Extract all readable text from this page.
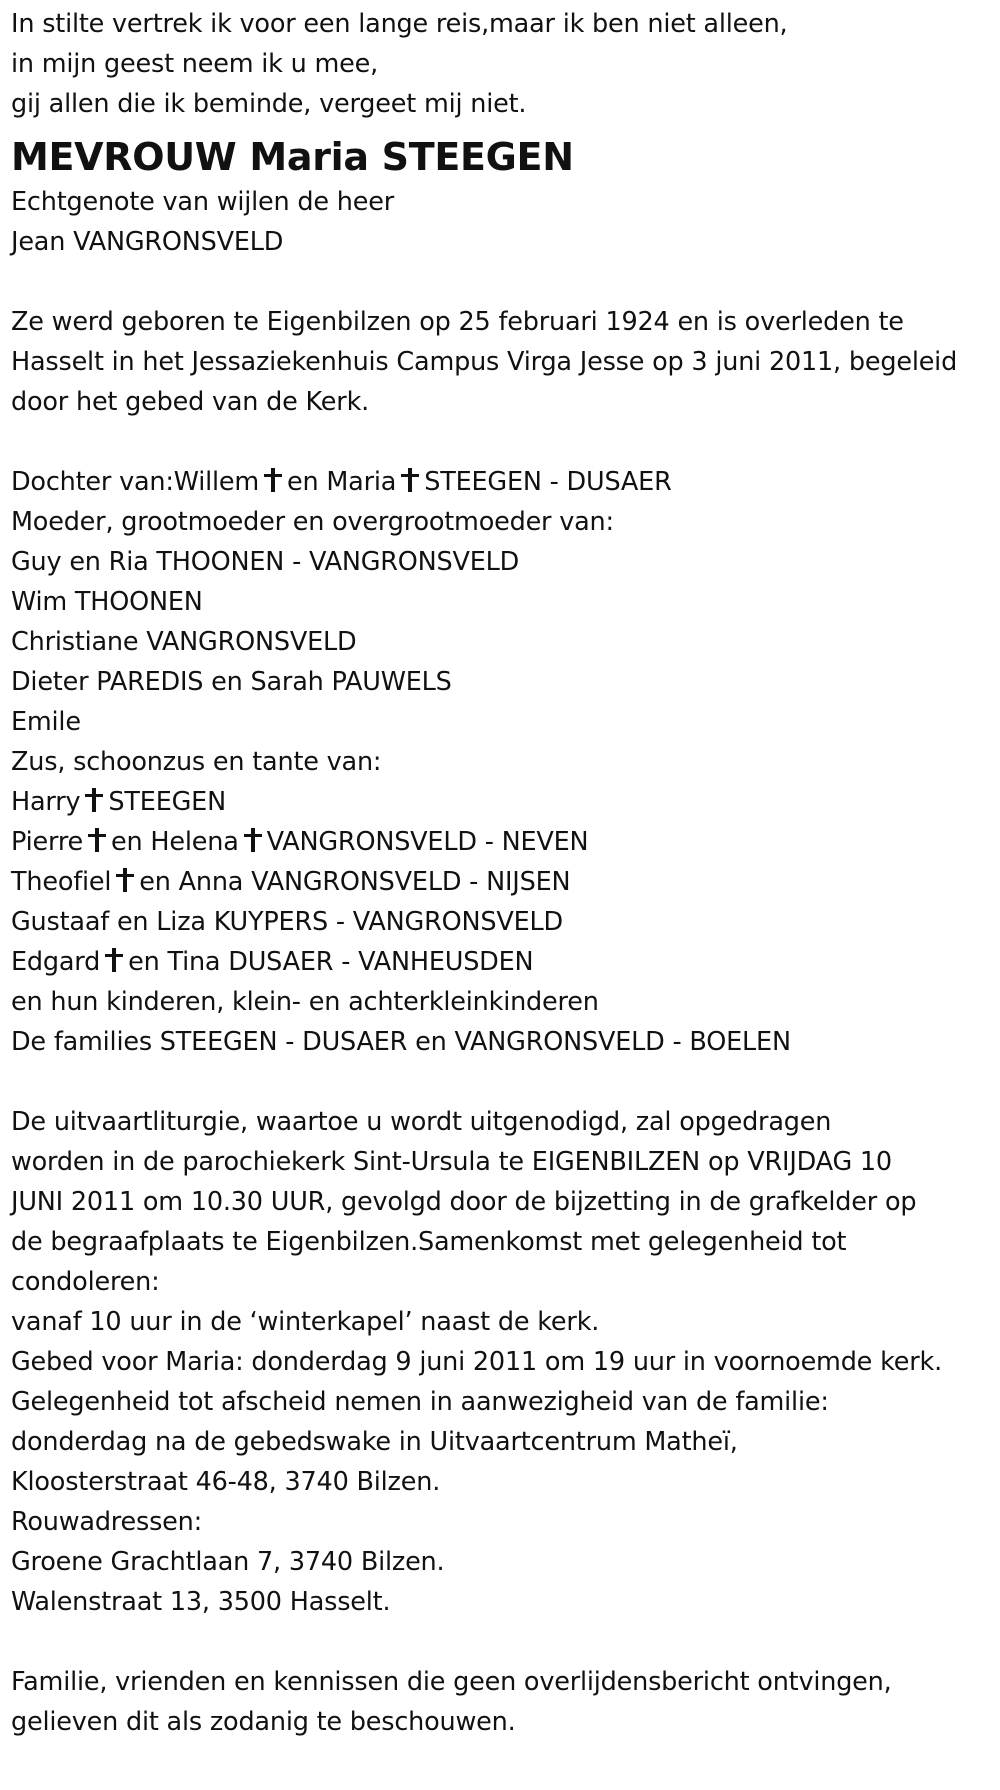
In stilte vertrek ik voor een lange reis,maar ik ben niet alleen,
in mijn geest neem ik u mee,
gij allen die ik beminde, vergeet mij niet.
MEVROUW Maria STEEGEN
Echtgenote van wijlen de heer
Jean VANGRONSVELD
Ze werd geboren te Eigenbilzen op 25 februari 1924 en is overleden te
Hasselt in het Jessaziekenhuis Campus Virga Jesse op 3 juni 2011, begeleid
door het gebed van de Kerk.
Dochter van:Willem en Maria STEEGEN - DUSAER
Moeder, grootmoeder en overgrootmoeder van:
Guy en Ria THOONEN - VANGRONSVELD
Wim THOONEN
Christiane VANGRONSVELD
Dieter PAREDIS en Sarah PAUWELS
Emile
Zus, schoonzus en tante van:
Harry STEEGEN
Pierre en Helena VANGRONSVELD - NEVEN
Theofiel en Anna VANGRONSVELD - NIJSEN
Gustaaf en Liza KUYPERS - VANGRONSVELD
Edgard en Tina DUSAER - VANHEUSDEN
en hun kinderen, klein- en achterkleinkinderen
De families STEEGEN - DUSAER en VANGRONSVELD - BOELEN
De uitvaartliturgie, waartoe u wordt uitgenodigd, zal opgedragen
worden in de parochiekerk Sint-Ursula te EIGENBILZEN op VRIJDAG 10
JUNI 2011 om 10.30 UUR, gevolgd door de bijzetting in de grafkelder op
de begraafplaats te Eigenbilzen.Samenkomst met gelegenheid tot
condoleren:
vanaf 10 uur in de ‘winterkapel’ naast de kerk.
Gebed voor Maria: donderdag 9 juni 2011 om 19 uur in voornoemde kerk.
Gelegenheid tot afscheid nemen in aanwezigheid van de familie:
donderdag na de gebedswake in Uitvaartcentrum Matheï,
Kloosterstraat 46-48, 3740 Bilzen.
Rouwadressen:
Groene Grachtlaan 7, 3740 Bilzen.
Walenstraat 13, 3500 Hasselt.
Familie, vrienden en kennissen die geen overlijdensbericht ontvingen,
gelieven dit als zodanig te beschouwen.
